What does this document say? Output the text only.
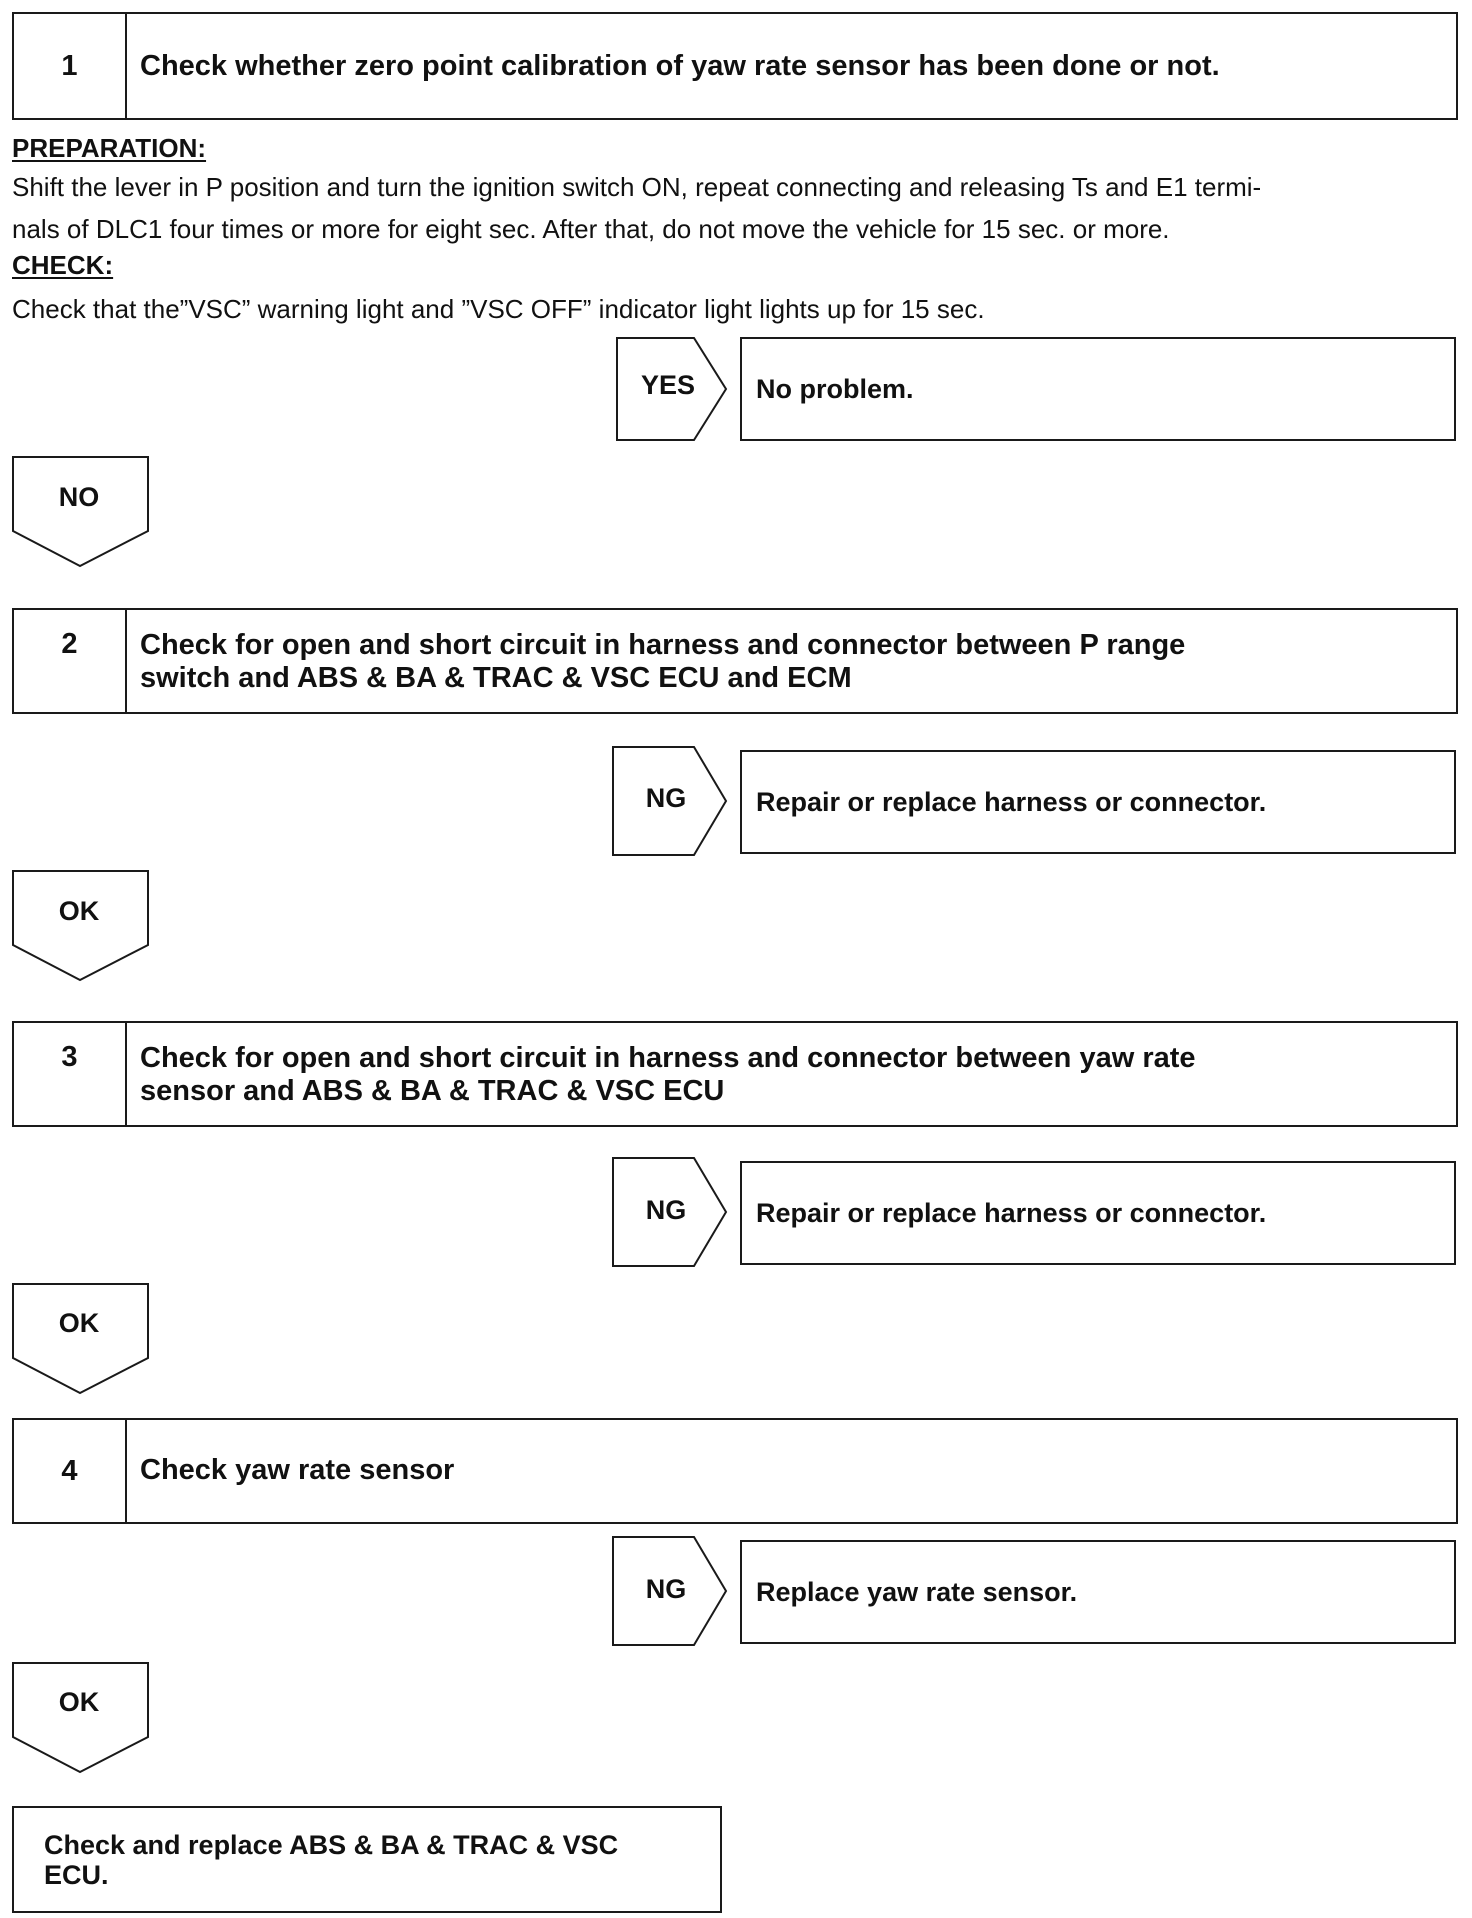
1	Check whether zero point calibration of yaw rate sensor has been done or not.
PREPARATION:
Shift the lever in P position and turn the ignition switch ON, repeat connecting and releasing Ts and E1 termi-
nals of DLC1 four times or more for eight sec. After that, do not move the vehicle for 15 sec. or more.
CHECK:
Check that the”VSC” warning light and ”VSC OFF” indicator light lights up for 15 sec.
YES	No problem.
NO
2	Check for open and short circuit in harness and connector between P range
switch and ABS & BA & TRAC & VSC ECU and ECM
NG	Repair or replace harness or connector.
OK
3	Check for open and short circuit in harness and connector between yaw rate
sensor and ABS & BA & TRAC & VSC ECU
NG	Repair or replace harness or connector.
OK
4	Check yaw rate sensor
NG	Replace yaw rate sensor.
OK
Check and replace ABS & BA & TRAC & VSC
ECU.
